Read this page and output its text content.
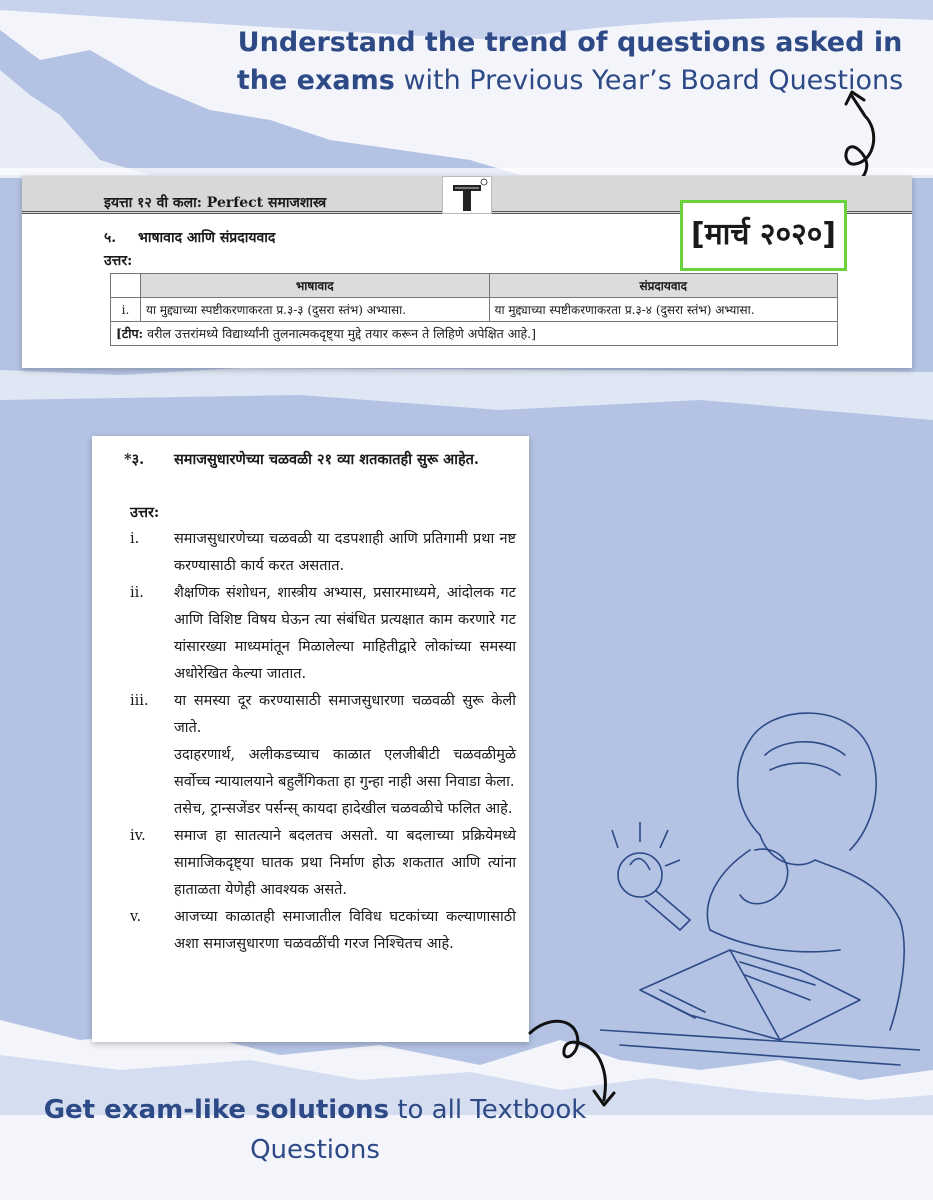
Understand the trend of questions asked in
the exams with Previous Year’s Board Questions
इयत्ता १२ वी कला: Perfect समाजशास्त्र
५. भाषावाद आणि संप्रदायवाद
उत्तर:
[मार्च २०२०]
	भाषावाद	संप्रदायवाद
i.	या मुद्द्याच्या स्पष्टीकरणाकरता प्र.३-३ (दुसरा स्तंभ) अभ्यासा.	या मुद्द्याच्या स्पष्टीकरणाकरता प्र.३-४ (दुसरा स्तंभ) अभ्यासा.
[टीप: वरील उत्तरांमध्ये विद्यार्थ्यांनी तुलनात्मकदृष्ट्या मुद्दे तयार करून ते लिहिणे अपेक्षित आहे.]		
*३. समाजसुधारणेच्या चळवळी २१ व्या शतकातही सुरू आहेत.
उत्तर:
i. समाजसुधारणेच्या चळवळी या दडपशाही आणि प्रतिगामी प्रथा नष्ट करण्यासाठी कार्य करत असतात.

ii. शैक्षणिक संशोधन, शास्त्रीय अभ्यास, प्रसारमाध्यमे, आंदोलक गट आणि विशिष्ट विषय घेऊन त्या संबंधित प्रत्यक्षात काम करणारे गट यांसारख्या माध्यमांतून मिळालेल्या माहितीद्वारे लोकांच्या समस्या अधोरेखित केल्या जातात.

iii. या समस्या दूर करण्यासाठी समाजसुधारणा चळवळी सुरू केली जाते.

उदाहरणार्थ, अलीकडच्याच काळात एलजीबीटी चळवळीमुळे सर्वोच्च न्यायालयाने बहुलैंगिकता हा गुन्हा नाही असा निवाडा केला.

तसेच, ट्रान्सजेंडर पर्सन्स् कायदा हादेखील चळवळीचे फलित आहे.

iv. समाज हा सातत्याने बदलतच असतो. या बदलाच्या प्रक्रियेमध्ये सामाजिकदृष्ट्या घातक प्रथा निर्माण होऊ शकतात आणि त्यांना हाताळता येणेही आवश्यक असते.

v. आजच्या काळातही समाजातील विविध घटकांच्या कल्याणासाठी अशा समाजसुधारणा चळवळींची गरज निश्चितच आहे.

Get exam-like solutions to all Textbook Questions
